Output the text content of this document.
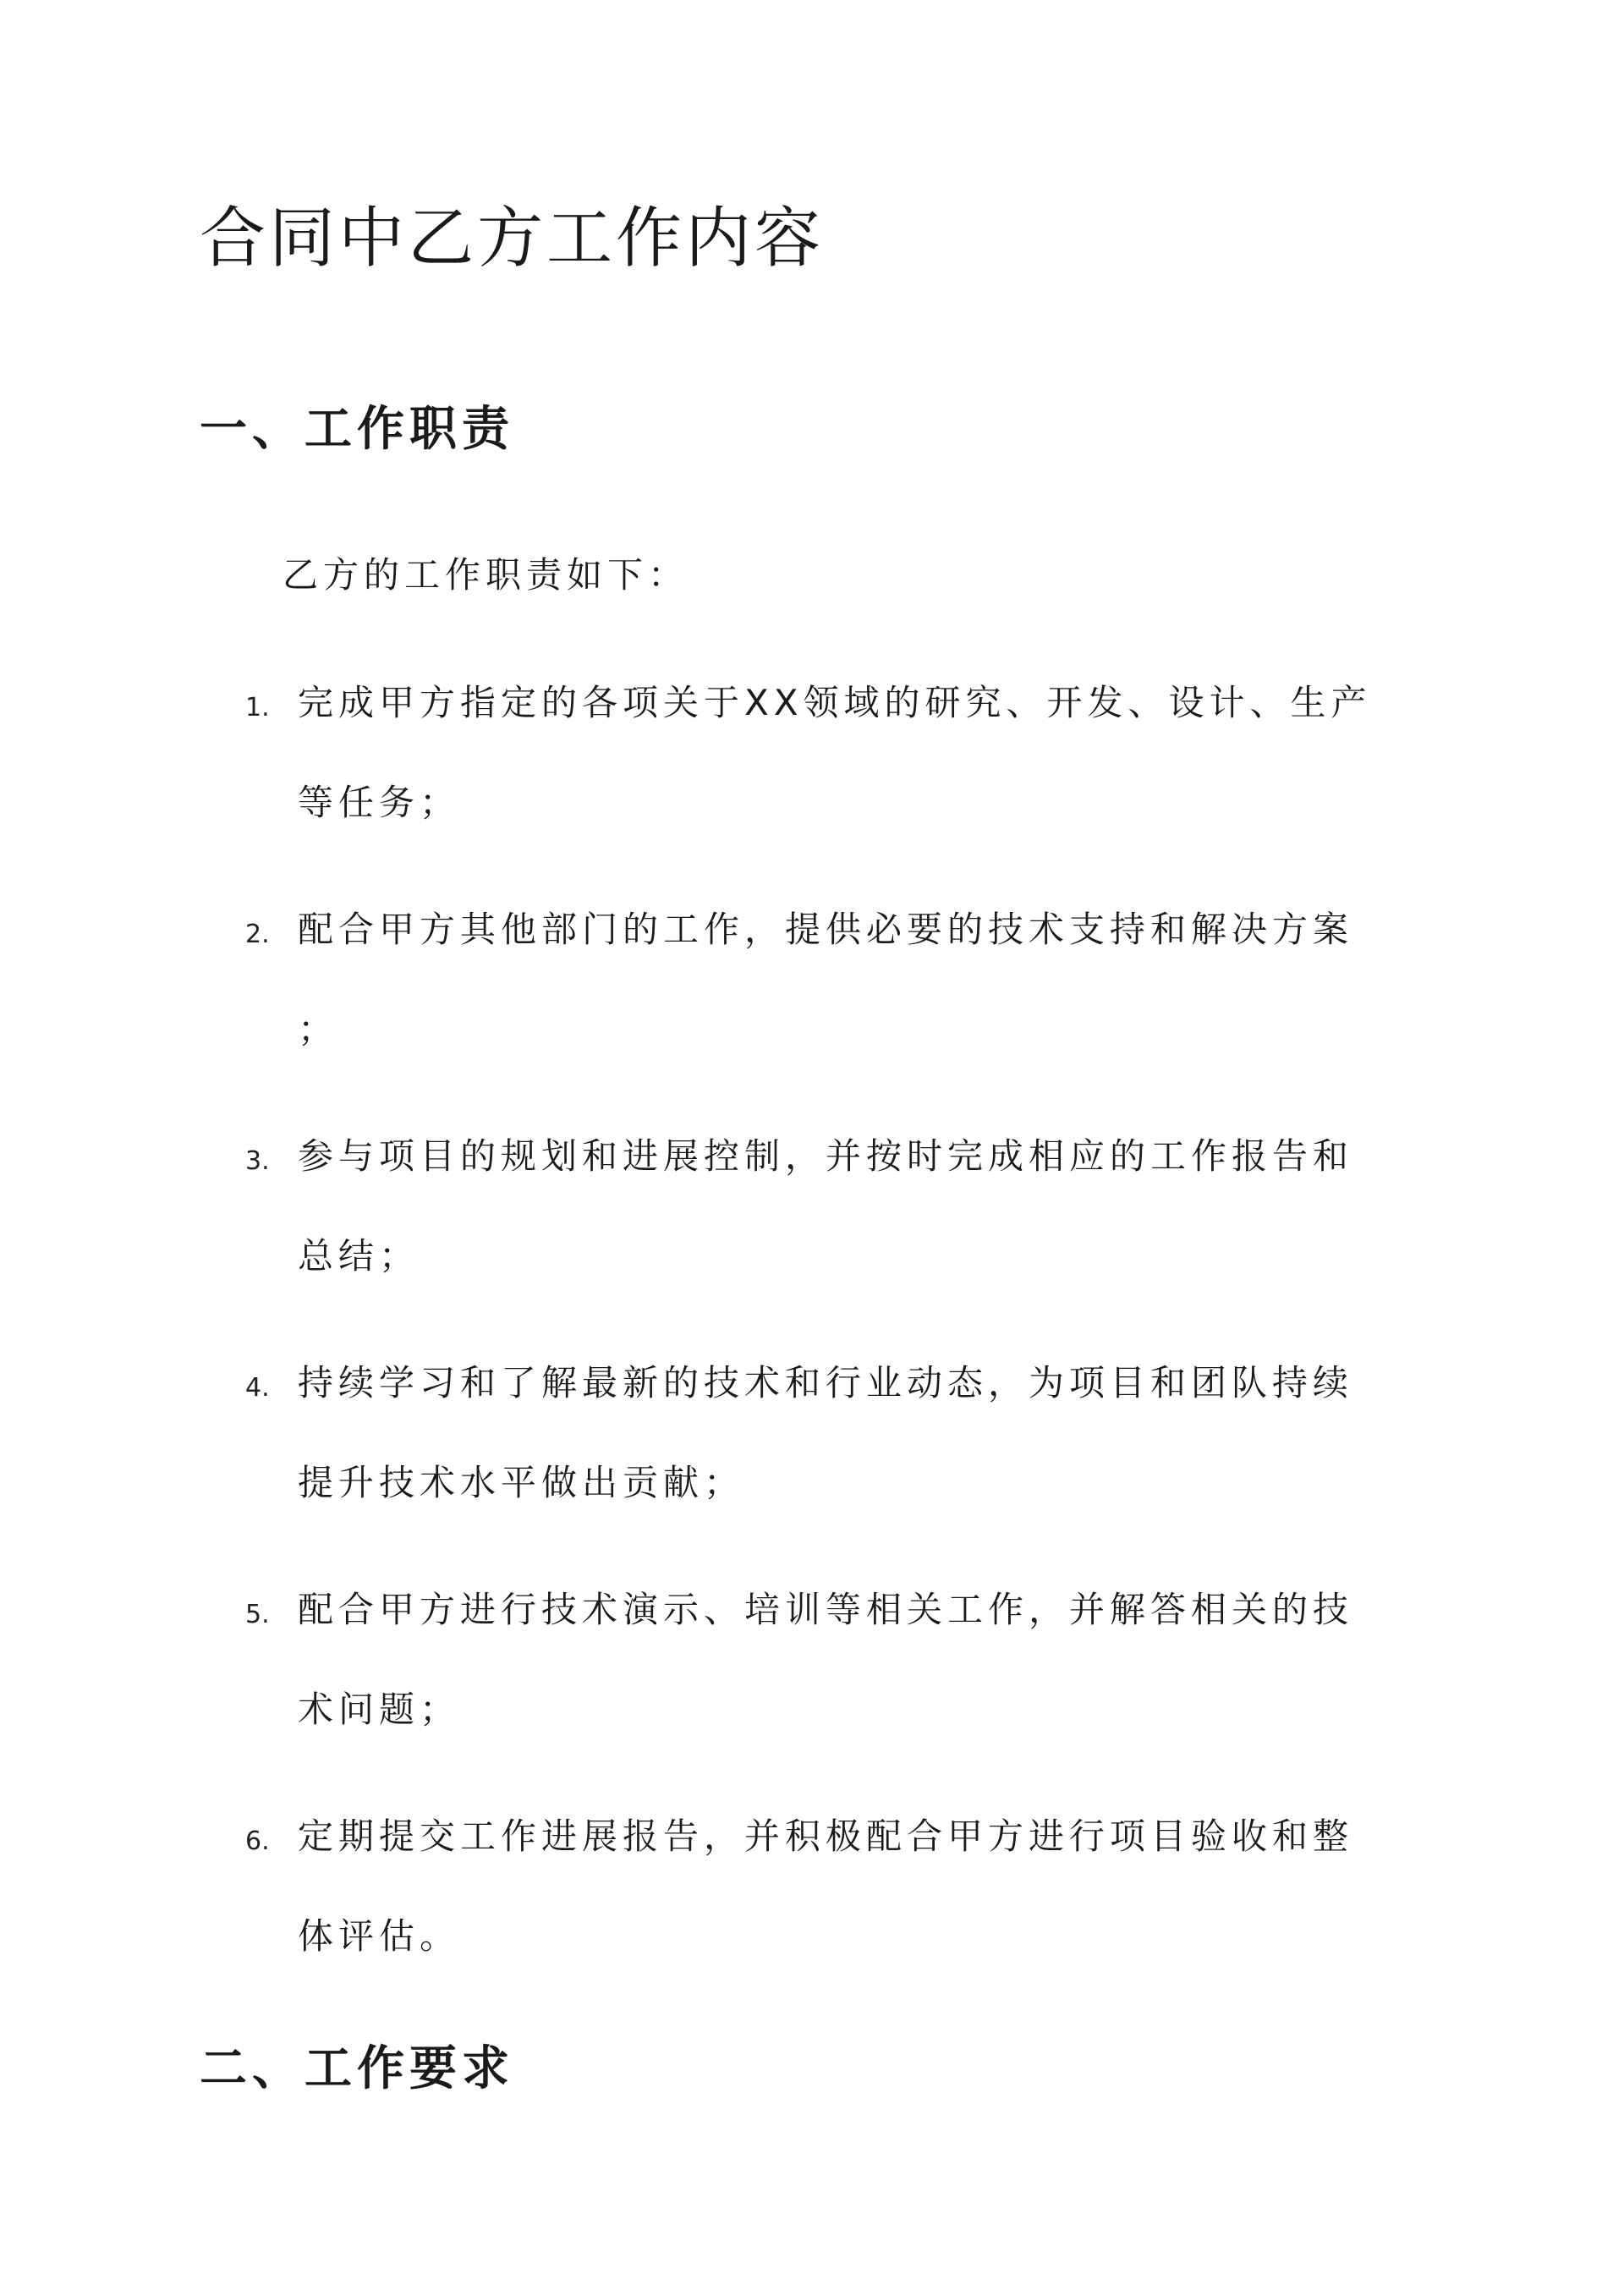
合同中乙方工作内容
一、工作职责

乙方的工作职责如下：

1. 完成甲方指定的各项关于XX领域的研究、开发、设计、生产
等任务；
2. 配合甲方其他部门的工作，提供必要的技术支持和解决方案
；
3. 参与项目的规划和进展控制，并按时完成相应的工作报告和
总结；
4. 持续学习和了解最新的技术和行业动态，为项目和团队持续
提升技术水平做出贡献；
5. 配合甲方进行技术演示、培训等相关工作，并解答相关的技
术问题；
6. 定期提交工作进展报告，并积极配合甲方进行项目验收和整
体评估。
二、工作要求
